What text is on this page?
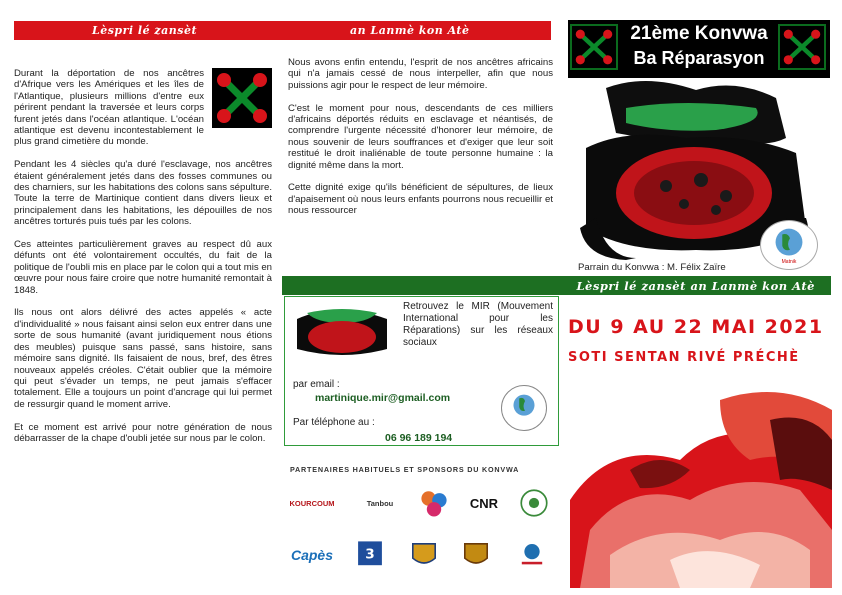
Lèspri lé zansèt	an Lanmè kon Atè

Durant la déportation de nos ancêtres d'Afrique vers les Amériques et les îles de l'Atlantique, plusieurs millions d'entre eux périrent pendant la traversée et leurs corps furent jetés dans l'océan atlantique. L'océan atlantique est devenu incontestablement le plus grand cimetière du monde.

Pendant les 4 siècles qu'a duré l'esclavage, nos ancêtres étaient généralement jetés dans des fosses communes ou des charniers, sur les habitations des colons sans sépulture. Toute la terre de Martinique contient dans divers lieux et principalement dans les habitations, les dépouilles de nos ancêtres torturés puis tués par les colons.

Ces atteintes particulièrement graves au respect dû aux défunts ont été volontairement occultés, du fait de la politique de l'oubli mis en place par le colon qui a tout mis en œuvre pour nous faire croire que notre humanité remontait à 1848.

Ils nous ont alors délivré des actes appelés « acte d'individualité » nous faisant ainsi selon eux entrer dans une sorte de sous humanité (avant juridiquement nous étions des meubles) puisque sans passé, sans histoire, sans mémoire sans dignité. Ils faisaient de nous, bref, des êtres nouveaux appelés créoles. C'était oublier que la mémoire qui peut s'évader un temps, ne peut jamais s'effacer totalement. Elle a toujours un point d'ancrage qui lui permet de ressurgir quand le moment arrive.

Et ce moment est arrivé pour notre génération de nous débarrasser de la chape d'oubli jetée sur nous par le colon.

Nous avons enfin entendu, l'esprit de nos ancêtres africains qui n'a jamais cessé de nous interpeller, afin que nous puissions agir pour le respect de leur mémoire.

C'est le moment pour nous, descendants de ces milliers d'africains déportés réduits en esclavage et néantisés, de comprendre l'urgente nécessité d'honorer leur mémoire, de nous souvenir de leurs souffrances et d'exiger que leur soit restitué le droit inaliénable de toute personne humaine : la dignité même dans la mort.

Cette dignité exige qu'ils bénéficient de sépultures, de lieux d'apaisement où nous leurs enfants pourrons nous recueillir et nous ressourcer

21ème Konvwa
Ba Réparasyon
Parrain du Konvwa : M. Félix Zaïre	Matnik
Lèspri lé zansèt an Lanmè kon Atè
Retrouvez le MIR (Mouvement International pour les Réparations) sur les réseaux sociaux
par email :
martinique.mir@gmail.com
Par téléphone au :
06 96 189 194
PARTENAIRES HABITUELS ET SPONSORS DU KONVWA
KOURCOUM	Tanbou	CNR
Capès 3
DU 9 AU 22 MAI 2021
SOTI SENTAN RIVÉ PRÉCHÈ
